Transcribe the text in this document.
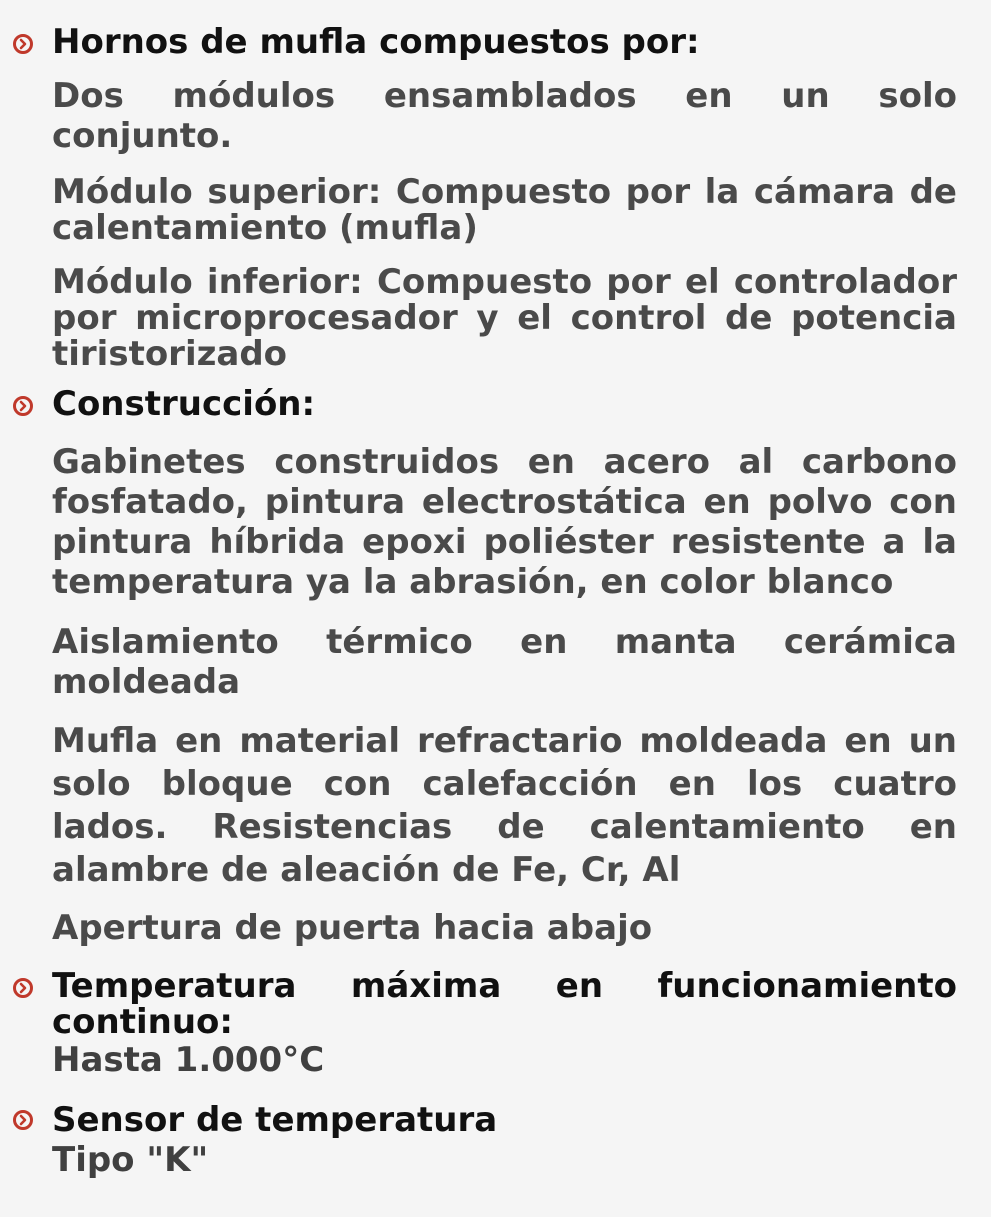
Hornos de mufla compuestos por:

Dos módulos ensamblados en un solo conjunto.

Módulo superior: Compuesto por la cámara de calentamiento (mufla)

Módulo inferior: Compuesto por el controlador por microprocesador y el control de potencia tiristorizado

Construcción:

Gabinetes construidos en acero al carbono fosfatado, pintura electrostática en polvo con pintura híbrida epoxi poliéster resistente a la temperatura ya la abrasión, en color blanco

Aislamiento térmico en manta cerámica moldeada

Mufla en material refractario moldeada en un solo bloque con calefacción en los cuatro lados. Resistencias de calentamiento en alambre de aleación de Fe, Cr, Al

Apertura de puerta hacia abajo

Temperatura máxima en funcionamiento continuo:

Hasta 1.000°C

Sensor de temperatura

Tipo "K"
